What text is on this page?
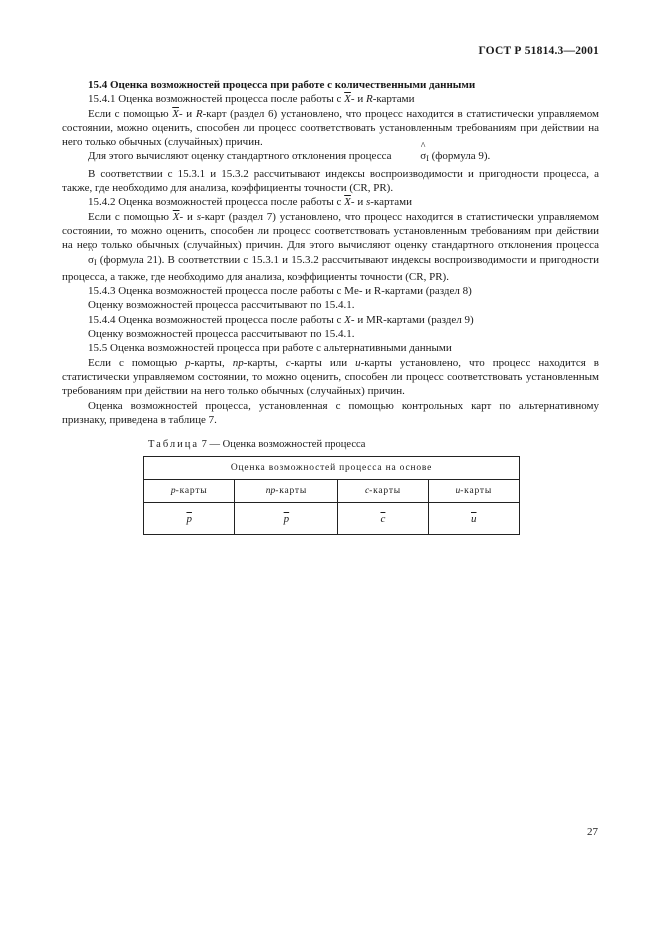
ГОСТ Р 51814.3—2001

15.4 Оценка возможностей процесса при работе с количественными данными

15.4.1 Оценка возможностей процесса после работы с $\overline{X}-$ и R-картами

Если с помощью $\overline{X}-$ и R-карт (раздел 6) установлено, что процесс находится в статистически управляемом состоянии, можно оценить, способен ли процесс соответствовать установленным требованиям при действии на него только обычных (случайных) причин.

Для этого вычисляют оценку стандартного отклонения процесса ^ $\sigma_I$ (формула 9).

В соответствии с 15.3.1 и 15.3.2 рассчитывают индексы воспроизводимости и пригодности процесса, а также, где необходимо для анализа, коэффициенты точности (CR, PR).

15.4.2 Оценка возможностей процесса после работы с $\overline{X}-$ и s-картами

Если с помощью $\overline{X}-$ и s-карт (раздел 7) установлено, что процесс находится в статистически управляемом состоянии, то можно оценить, способен ли процесс соответствовать установленным требованиям при действии на него только обычных (случайных) причин. Для этого вычисляют оценку стандартного отклонения процесса ^ $\sigma_I$ (формула 21). В соответствии с 15.3.1 и 15.3.2 рассчитывают индексы воспроизводимости и пригодности процесса, а также, где необходимо для анализа, коэффициенты точности (CR, PR).

15.4.3 Оценка возможностей процесса после работы с Me- и R-картами (раздел 8)

Оценку возможностей процесса рассчитывают по 15.4.1.

15.4.4 Оценка возможностей процесса после работы с X- и MR-картами (раздел 9)

Оценку возможностей процесса рассчитывают по 15.4.1.

15.5 Оценка возможностей процесса при работе с альтернативными данными

Если с помощью p-карты, np-карты, c-карты или u-карты установлено, что процесс находится в статистически управляемом состоянии, то можно оценить, способен ли процесс соответствовать установленным требованиям при действии на него только обычных (случайных) причин.

Оценка возможностей процесса, установленная с помощью контрольных карт по альтернативному признаку, приведена в таблице 7.

Таблица 7 — Оценка возможностей процесса
Оценка возможностей процесса на основе			
p-карты	np-карты	c-карты	u-карты
$\overline{p}$	$\overline{p}$	$\overline{c}$	$\overline{u}$
27
